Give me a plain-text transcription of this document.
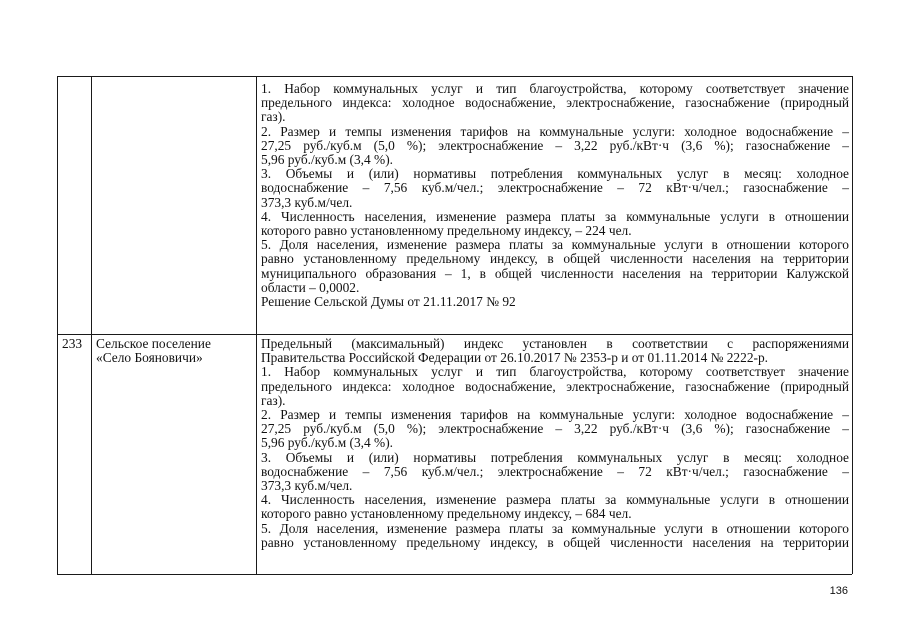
1. Набор коммунальных услуг и тип благоустройства, которому соответствует значение
предельного индекса: холодное водоснабжение, электроснабжение, газоснабжение (природный
газ).
2. Размер и темпы изменения тарифов на коммунальные услуги: холодное водоснабжение –
27,25 руб./куб.м (5,0 %); электроснабжение – 3,22 руб./кВт·ч (3,6 %); газоснабжение –
5,96 руб./куб.м (3,4 %).
3. Объемы и (или) нормативы потребления коммунальных услуг в месяц: холодное
водоснабжение – 7,56 куб.м/чел.; электроснабжение – 72 кВт·ч/чел.; газоснабжение –
373,3 куб.м/чел.
4. Численность населения, изменение размера платы за коммунальные услуги в отношении
которого равно установленному предельному индексу, – 224 чел.
5. Доля населения, изменение размера платы за коммунальные услуги в отношении которого
равно установленному предельному индексу, в общей численности населения на территории
муниципального образования – 1, в общей численности населения на территории Калужской
области – 0,0002.
Решение Сельской Думы от 21.11.2017 № 92
233 Сельское поселение
«Село Бояновичи»
Предельный (максимальный) индекс установлен в соответствии с распоряжениями
Правительства Российской Федерации от 26.10.2017 № 2353-р и от 01.11.2014 № 2222-р.
1. Набор коммунальных услуг и тип благоустройства, которому соответствует значение
предельного индекса: холодное водоснабжение, электроснабжение, газоснабжение (природный
газ).
2. Размер и темпы изменения тарифов на коммунальные услуги: холодное водоснабжение –
27,25 руб./куб.м (5,0 %); электроснабжение – 3,22 руб./кВт·ч (3,6 %); газоснабжение –
5,96 руб./куб.м (3,4 %).
3. Объемы и (или) нормативы потребления коммунальных услуг в месяц: холодное
водоснабжение – 7,56 куб.м/чел.; электроснабжение – 72 кВт·ч/чел.; газоснабжение –
373,3 куб.м/чел.
4. Численность населения, изменение размера платы за коммунальные услуги в отношении
которого равно установленному предельному индексу, – 684 чел.
5. Доля населения, изменение размера платы за коммунальные услуги в отношении которого
равно установленному предельному индексу, в общей численности населения на территории
136
